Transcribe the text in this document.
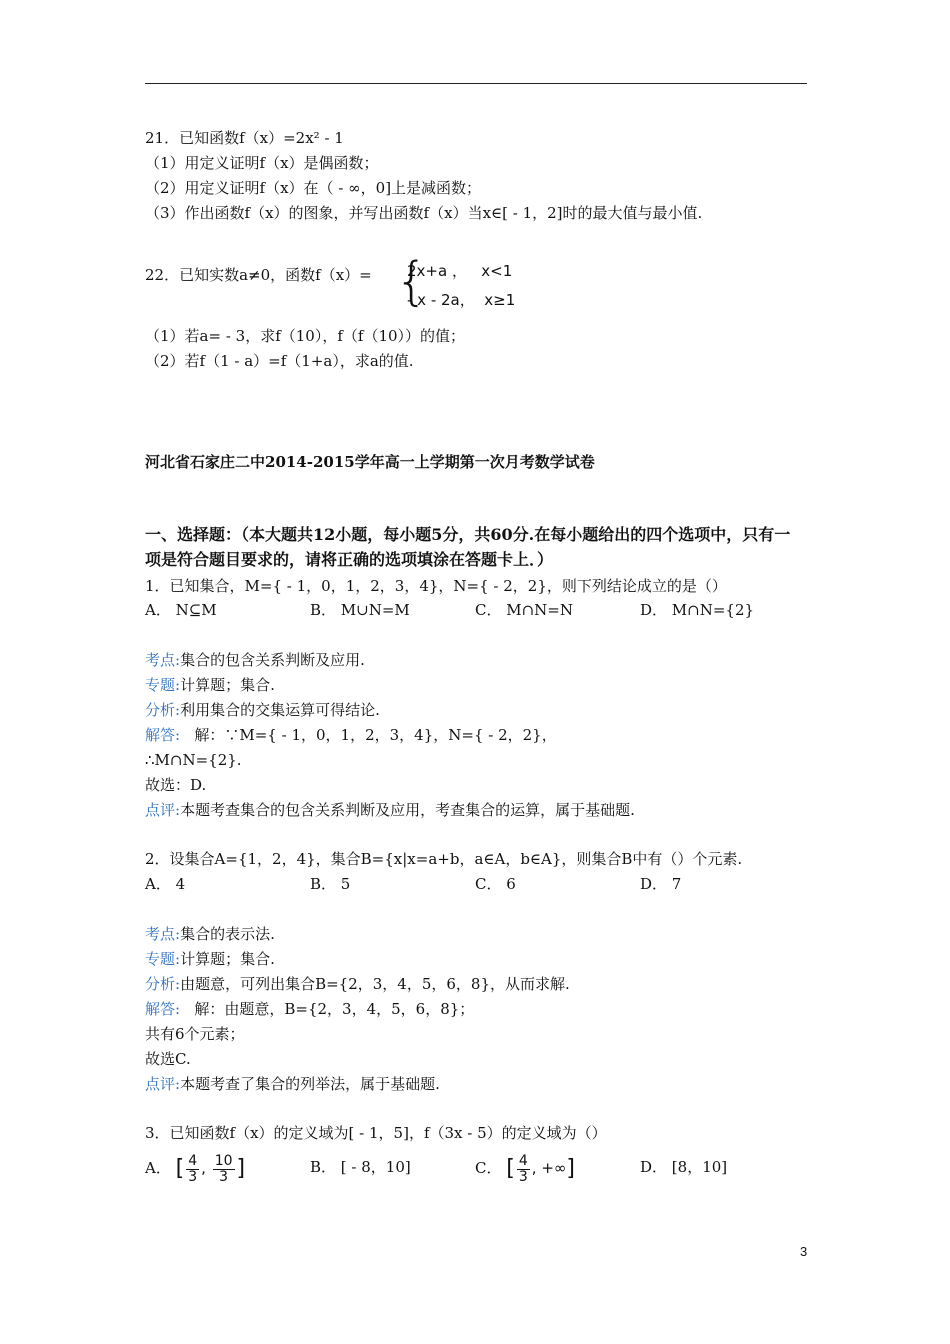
21．已知函数f（x）=2x² - 1
（1）用定义证明f（x）是偶函数；
（2）用定义证明f（x）在（ - ∞，0]上是减函数；
（3）作出函数f（x）的图象，并写出函数f（x）当x∈[ - 1，2]时的最大值与最小值.
22．已知实数a≠0，函数f（x）= {
2x+a ，   x<1
- x - 2a，  x≥1
（1）若a= - 3，求f（10），f（f（10））的值；
（2）若f（1 - a）=f（1+a），求a的值.
河北省石家庄二中2014-2015学年高一上学期第一次月考数学试卷
一、选择题：（本大题共12小题，每小题5分，共60分.在每小题给出的四个选项中，只有一
项是符合题目要求的，请将正确的选项填涂在答题卡上．）
1．已知集合，M={ - 1，0，1，2，3，4}，N={ - 2，2}，则下列结论成立的是（）
A． N⊆M	B． M∪N=M	C． M∩N=N	D． M∩N={2}
考点:集合的包含关系判断及应用.
专题:计算题；集合.
分析:利用集合的交集运算可得结论.
解答:   解：∵M={ - 1，0，1，2，3，4}，N={ - 2，2}，
∴M∩N={2}.
故选：D.
点评:本题考查集合的包含关系判断及应用，考查集合的运算，属于基础题.
2．设集合A={1，2，4}，集合B={x|x=a+b，a∈A，b∈A}，则集合B中有（）个元素.
A． 4	B． 5	C． 6	D． 7
考点:集合的表示法.
专题:计算题；集合.
分析:由题意，可列出集合B={2，3，4，5，6，8}，从而求解.
解答:   解：由题意，B={2，3，4，5，6，8}；
共有6个元素；
故选C.
点评:本题考查了集合的列举法，属于基础题.
3．已知函数f（x）的定义域为[ - 1，5]，f（3x - 5）的定义域为（）
A． [ $\frac{4}{3}$ , $\frac{10}{3}$ ]	B． [ - 8，10]	C． [ $\frac{4}{3}$ , +∞]	D． [8，10]
3
